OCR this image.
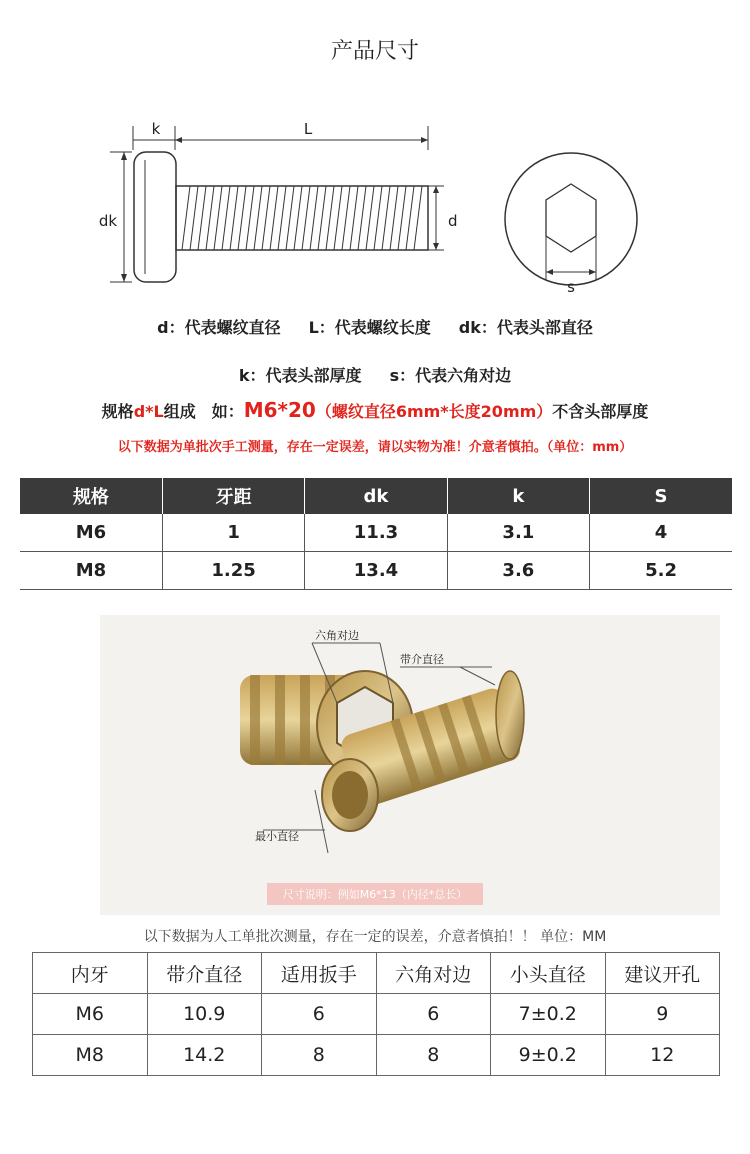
产品尺寸
k	L
dk	d
s
d：代表螺纹直径 L：代表螺纹长度 dk：代表头部直径
k：代表头部厚度 s：代表六角对边
规格d*L组成　如：M6*20（螺纹直径6mm*长度20mm）不含头部厚度
以下数据为单批次手工测量，存在一定误差，请以实物为准！介意者慎拍。（单位：mm）
规格	牙距	dk	k	S
M6	1	11.3	3.1	4
M8	1.25	13.4	3.6	5.2
六角对边
带介直径
最小直径
尺寸说明：例如M6*13（内径*总长）
以下数据为人工单批次测量，存在一定的误差，介意者慎拍！！ 单位：MM
内牙	带介直径	适用扳手	六角对边	小头直径	建议开孔
M6	10.9	6	6	7±0.2	9
M8	14.2	8	8	9±0.2	12
